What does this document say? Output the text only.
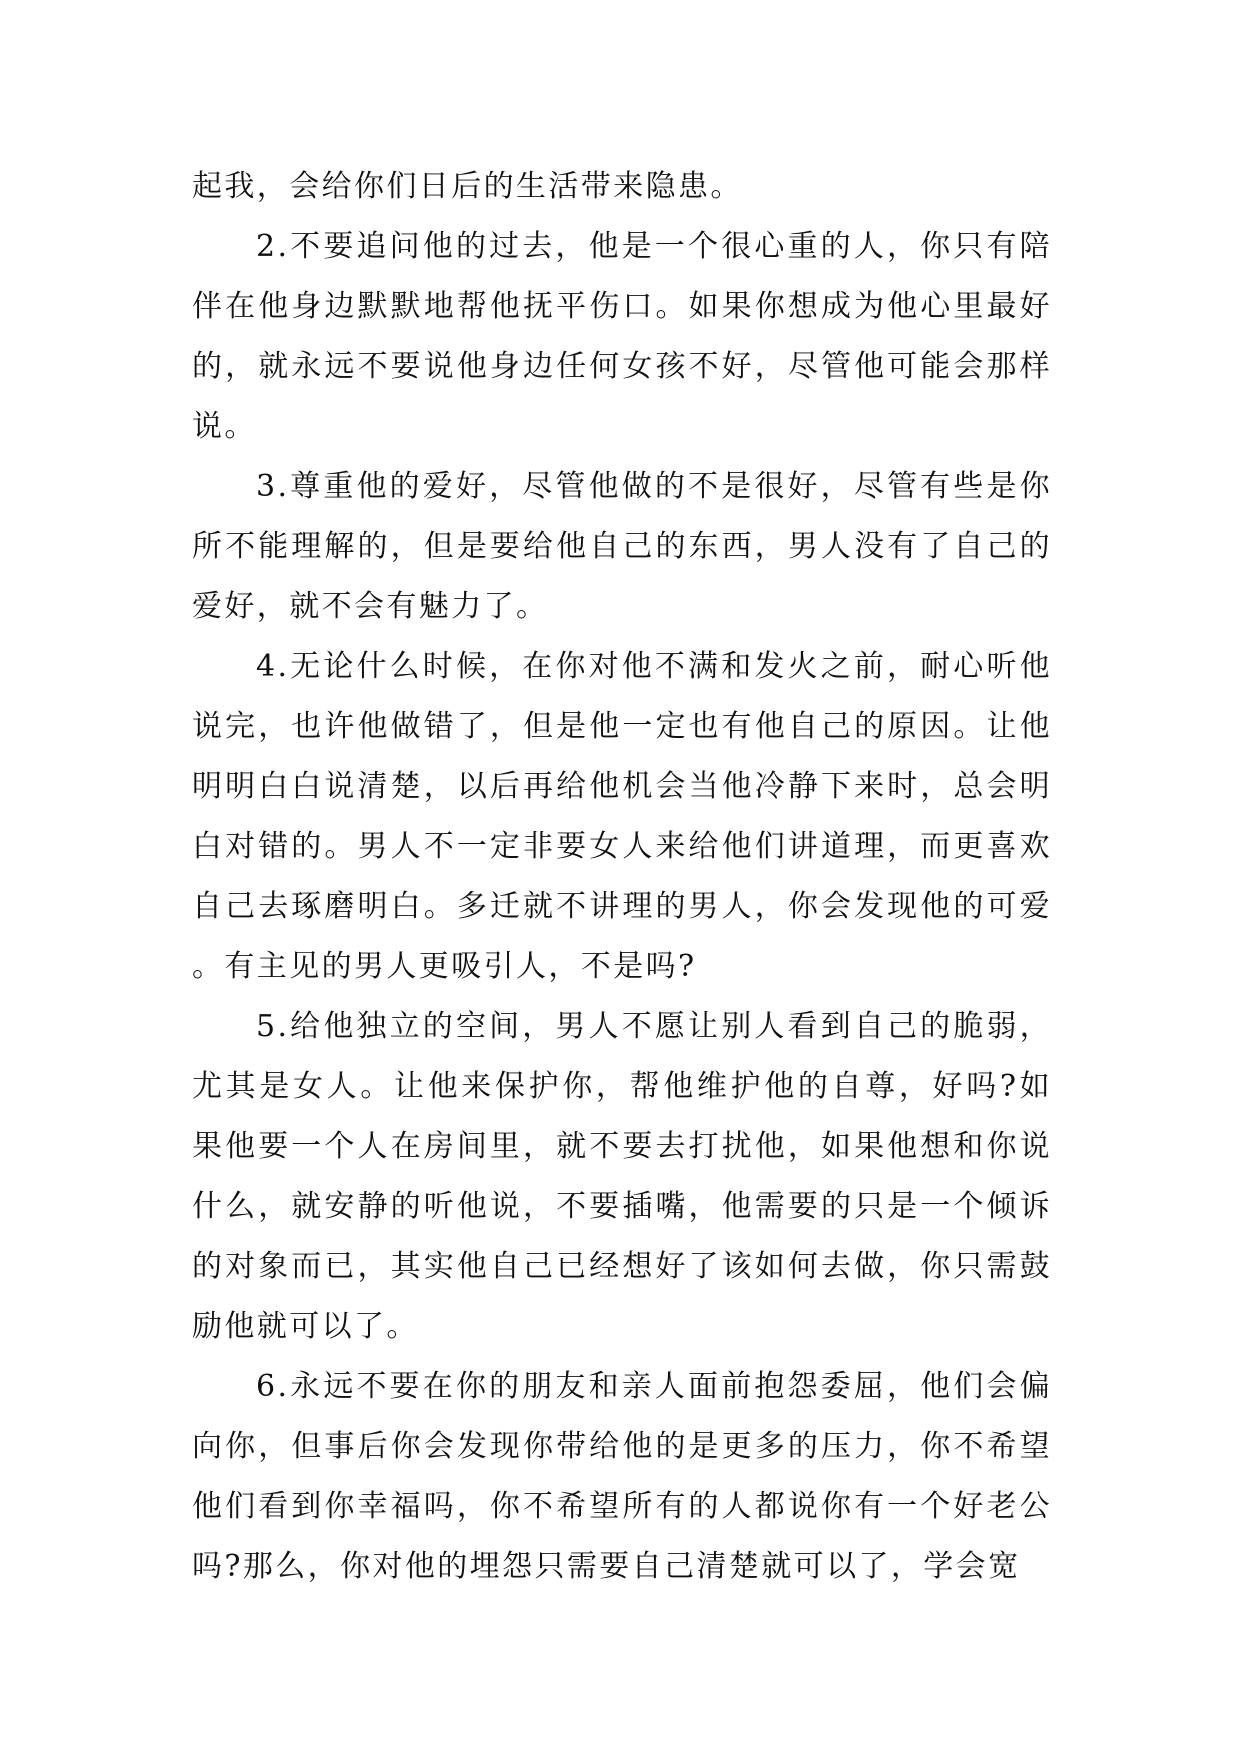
起我，会给你们日后的生活带来隐患。

2.不要追问他的过去，他是一个很心重的人，你只有陪伴在他身边默默地帮他抚平伤口。如果你想成为他心里最好的，就永远不要说他身边任何女孩不好，尽管他可能会那样说。

3.尊重他的爱好，尽管他做的不是很好，尽管有些是你所不能理解的，但是要给他自己的东西，男人没有了自己的爱好，就不会有魅力了。

4.无论什么时候，在你对他不满和发火之前，耐心听他说完，也许他做错了，但是他一定也有他自己的原因。让他明明白白说清楚，以后再给他机会当他冷静下来时，总会明白对错的。男人不一定非要女人来给他们讲道理，而更喜欢自己去琢磨明白。多迁就不讲理的男人，你会发现他的可爱。有主见的男人更吸引人，不是吗?

5.给他独立的空间，男人不愿让别人看到自己的脆弱，尤其是女人。让他来保护你，帮他维护他的自尊，好吗?如果他要一个人在房间里，就不要去打扰他，如果他想和你说什么，就安静的听他说，不要插嘴，他需要的只是一个倾诉的对象而已，其实他自己已经想好了该如何去做，你只需鼓励他就可以了。

6.永远不要在你的朋友和亲人面前抱怨委屈，他们会偏向你，但事后你会发现你带给他的是更多的压力，你不希望他们看到你幸福吗，你不希望所有的人都说你有一个好老公吗?那么，你对他的埋怨只需要自己清楚就可以了，学会宽
